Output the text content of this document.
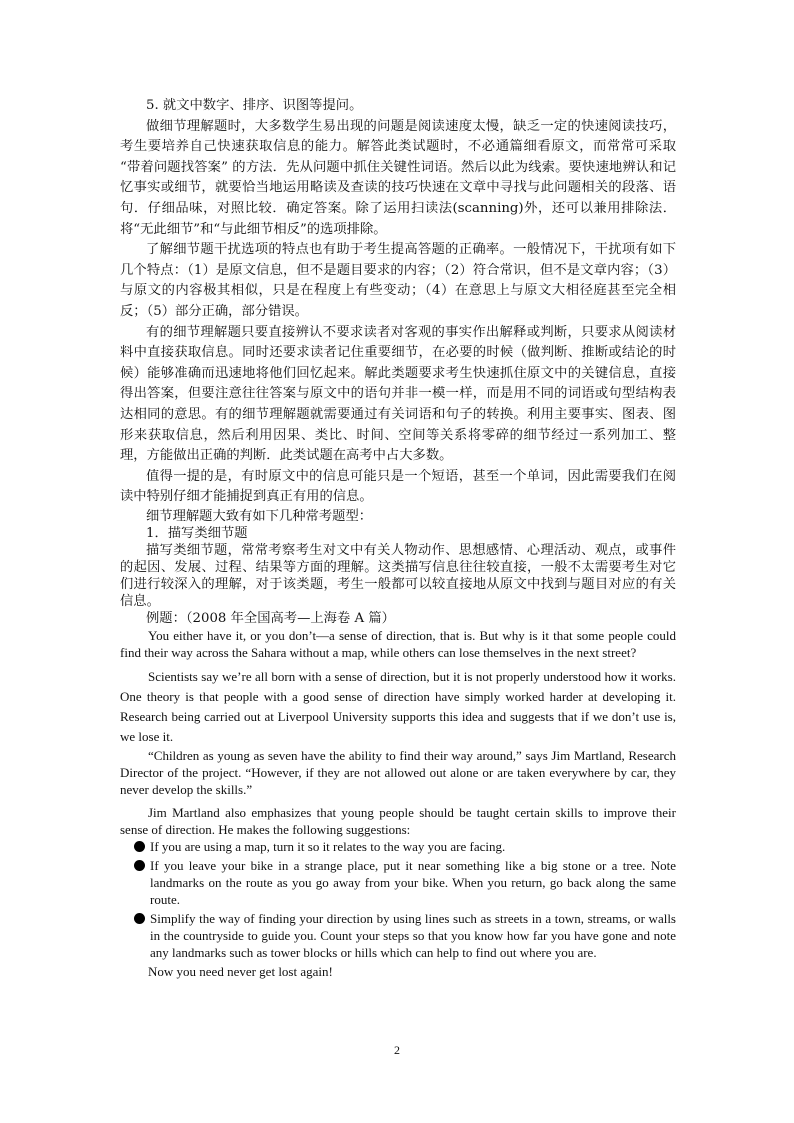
5. 就文中数字、排序、识图等提问。

做细节理解题时，大多数学生易出现的问题是阅读速度太慢，缺乏一定的快速阅读技巧，考生要培养自己快速获取信息的能力。解答此类试题时，不必通篇细看原文，而常常可采取 “带着问题找答案” 的方法．先从问题中抓住关键性词语。然后以此为线索。要快速地辨认和记忆事实或细节，就要恰当地运用略读及查读的技巧快速在文章中寻找与此问题相关的段落、语句．仔细品味，对照比较．确定答案。除了运用扫读法(scanning)外，还可以兼用排除法．将“无此细节”和“与此细节相反”的选项排除。

了解细节题干扰选项的特点也有助于考生提高答题的正确率。一般情况下，干扰项有如下几个特点：（1）是原文信息，但不是题目要求的内容；（2）符合常识，但不是文章内容；（3）与原文的内容极其相似，只是在程度上有些变动；（4）在意思上与原文大相径庭甚至完全相反；（5）部分正确，部分错误。

有的细节理解题只要直接辨认不要求读者对客观的事实作出解释或判断，只要求从阅读材料中直接获取信息。同时还要求读者记住重要细节，在必要的时候（做判断、推断或结论的时候）能够准确而迅速地将他们回忆起来。解此类题要求考生快速抓住原文中的关键信息，直接得出答案，但要注意往往答案与原文中的语句并非一模一样，而是用不同的词语或句型结构表达相同的意思。有的细节理解题就需要通过有关词语和句子的转换。利用主要事实、图表、图形来获取信息，然后利用因果、类比、时间、空间等关系将零碎的细节经过一系列加工、整理，方能做出正确的判断．此类试题在高考中占大多数。

值得一提的是，有时原文中的信息可能只是一个短语，甚至一个单词，因此需要我们在阅读中特别仔细才能捕捉到真正有用的信息。

细节理解题大致有如下几种常考题型：

1．描写类细节题

描写类细节题，常常考察考生对文中有关人物动作、思想感情、心理活动、观点，或事件的起因、发展、过程、结果等方面的理解。这类描写信息往往较直接，一般不太需要考生对它们进行较深入的理解，对于该类题，考生一般都可以较直接地从原文中找到与题目对应的有关信息。

例题：（2008 年全国高考—上海卷 A 篇）

You either have it, or you don’t—a sense of direction, that is. But why is it that some people could find their way across the Sahara without a map, while others can lose themselves in the next street?

Scientists say we’re all born with a sense of direction, but it is not properly understood how it works. One theory is that people with a good sense of direction have simply worked harder at developing it. Research being carried out at Liverpool University supports this idea and suggests that if we don’t use is, we lose it.

“Children as young as seven have the ability to find their way around,” says Jim Martland, Research Director of the project. “However, if they are not allowed out alone or are taken everywhere by car, they never develop the skills.”

Jim Martland also emphasizes that young people should be taught certain skills to improve their sense of direction. He makes the following suggestions:

If you are using a map, turn it so it relates to the way you are facing.
If you leave your bike in a strange place, put it near something like a big stone or a tree. Note landmarks on the route as you go away from your bike. When you return, go back along the same route.
Simplify the way of finding your direction by using lines such as streets in a town, streams, or walls in the countryside to guide you. Count your steps so that you know how far you have gone and note any landmarks such as tower blocks or hills which can help to find out where you are.

Now you need never get lost again!

2
